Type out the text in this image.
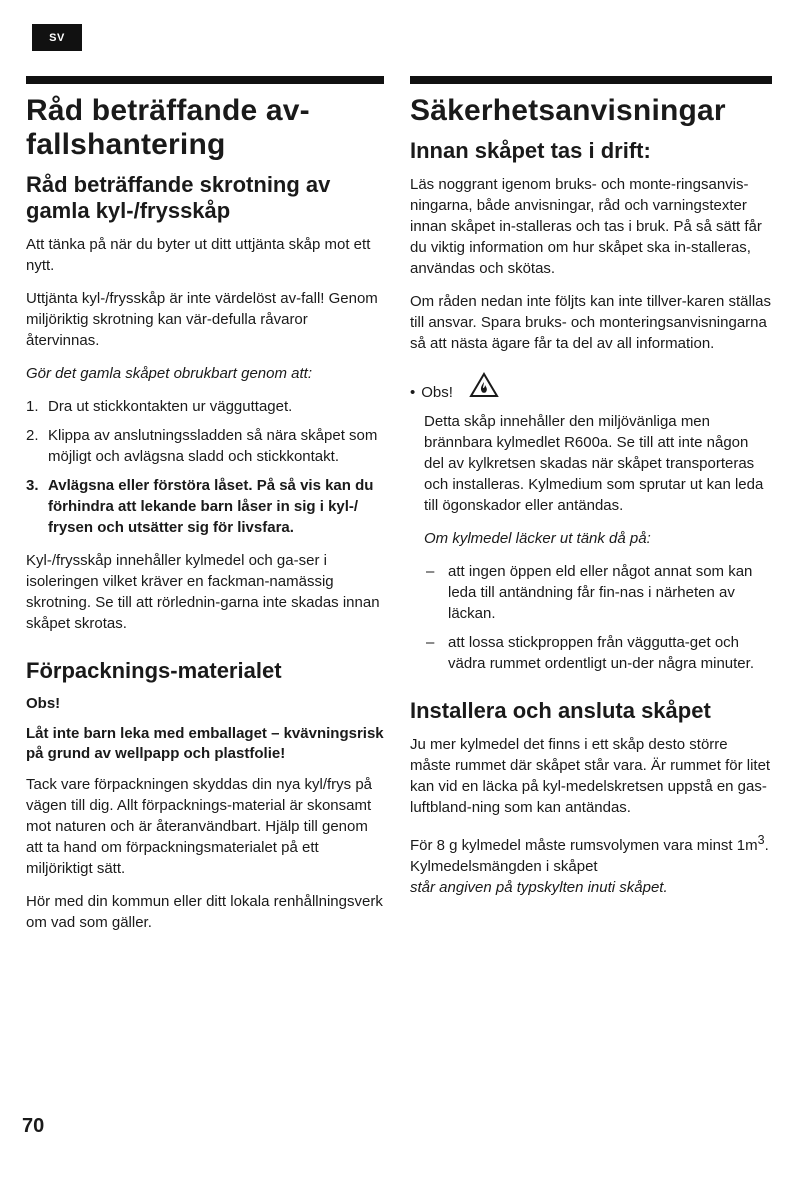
SV
Råd beträffande av-fallshantering
Råd beträffande skrotning av gamla kyl-/frysskåp

Att tänka på när du byter ut ditt uttjänta skåp mot ett nytt.

Uttjänta kyl-/frysskåp är inte värdelöst av-fall! Genom miljöriktig skrotning kan vär-defulla råvaror återvinnas.

Gör det gamla skåpet obrukbart genom att:

1. Dra ut stickkontakten ur vägguttaget.
2. Klippa av anslutningssladden så nära skåpet som möjligt och avlägsna sladd och stickkontakt.
3. Avlägsna eller förstöra låset. På så vis kan du förhindra att lekande barn låser in sig i kyl-/ frysen och utsätter sig för livsfara.

Kyl-/frysskåp innehåller kylmedel och ga-ser i isoleringen vilket kräver en fackman-namässig skrotning. Se till att rörlednin-garna inte skadas innan skåpet skrotas.

Förpacknings-materialet
Obs!
Låt inte barn leka med emballaget – kvävningsrisk på grund av wellpapp och plastfolie!

Tack vare förpackningen skyddas din nya kyl/frys på vägen till dig. Allt förpacknings-material är skonsamt mot naturen och är återanvändbart. Hjälp till genom att ta hand om förpackningsmaterialet på ett miljöriktigt sätt.

Hör med din kommun eller ditt lokala renhållningsverk om vad som gäller.

Säkerhetsanvisningar
Innan skåpet tas i drift:

Läs noggrant igenom bruks- och monte-ringsanvis- ningarna, både anvisningar, råd och varningstexter innan skåpet in-stalleras och tas i bruk. På så sätt får du viktig information om hur skåpet ska in-stalleras, användas och skötas.

Om råden nedan inte följts kan inte tillver-karen ställas till ansvar. Spara bruks- och monteringsanvisningarna så att nästa ägare får ta del av all information.

• Obs!

Detta skåp innehåller den miljövänliga men brännbara kylmedlet R600a. Se till att inte någon del av kylkretsen skadas när skåpet transporteras och installeras. Kylmedium som sprutar ut kan leda till ögonskador eller antändas.

Om kylmedel läcker ut tänk då på:

– att ingen öppen eld eller något annat som kan leda till antändning får fin-nas i närheten av läckan.
– att lossa stickproppen från väggutta-get och vädra rummet ordentligt un-der några minuter.
Installera och ansluta skåpet

Ju mer kylmedel det finns i ett skåp desto större måste rummet där skåpet står vara. Är rummet för litet kan vid en läcka på kyl-medelskretsen uppstå en gas-luftbland-ning som kan antändas.

För 8 g kylmedel måste rumsvolymen vara minst $1m^3$. Kylmedelsmängden i skåpet
står angiven på typskylten inuti skåpet.

70
